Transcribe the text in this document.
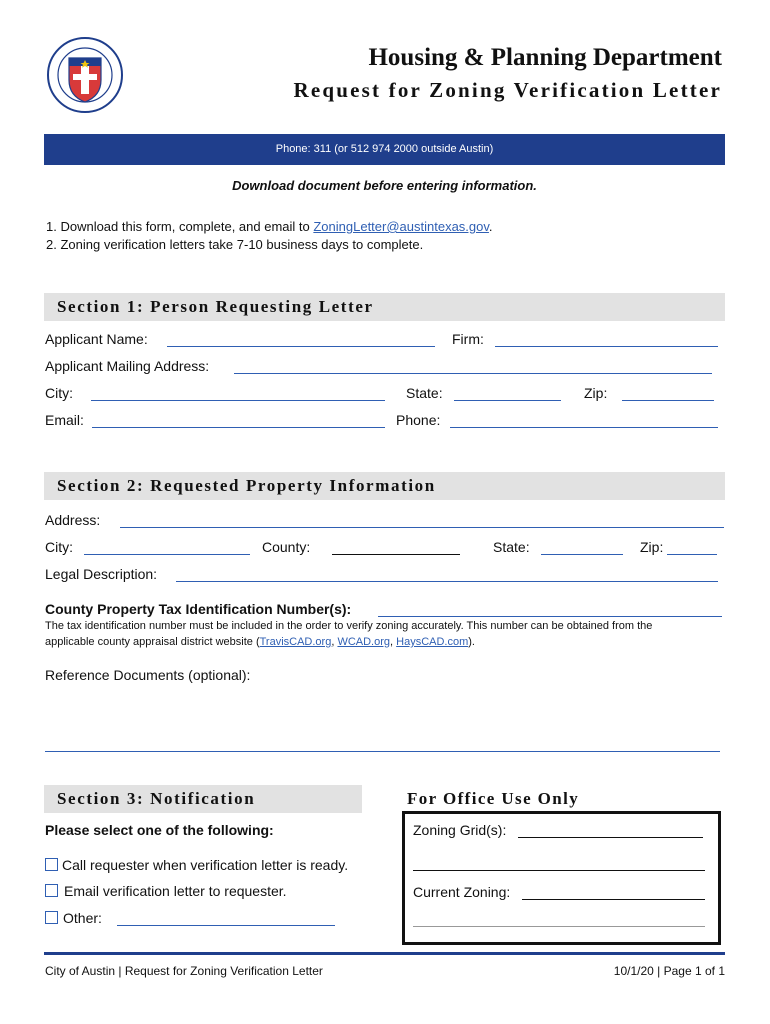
Housing & Planning Department
Request for Zoning Verification Letter
Phone: 311 (or 512 974 2000 outside Austin)
Download document before entering information.
1. Download this form, complete, and email to ZoningLetter@austintexas.gov.
2. Zoning verification letters take 7-10 business days to complete.
Section 1: Person Requesting Letter
Applicant Name:	Firm:
Applicant Mailing Address:
City:	State:	Zip:
Email:	Phone:
Section 2: Requested Property Information
Address:
City:	County:	State:	Zip:
Legal Description:
County Property Tax Identification Number(s):
The tax identification number must be included in the order to verify zoning accurately. This number can be obtained from the
applicable county appraisal district website (TravisCAD.org, WCAD.org, HaysCAD.com).
Reference Documents (optional):
Section 3: Notification
Please select one of the following:
Call requester when verification letter is ready.
Email verification letter to requester.
Other:
For Office Use Only
Zoning Grid(s):
Current Zoning:
City of Austin | Request for Zoning Verification Letter	10/1/20 | Page 1 of 1
